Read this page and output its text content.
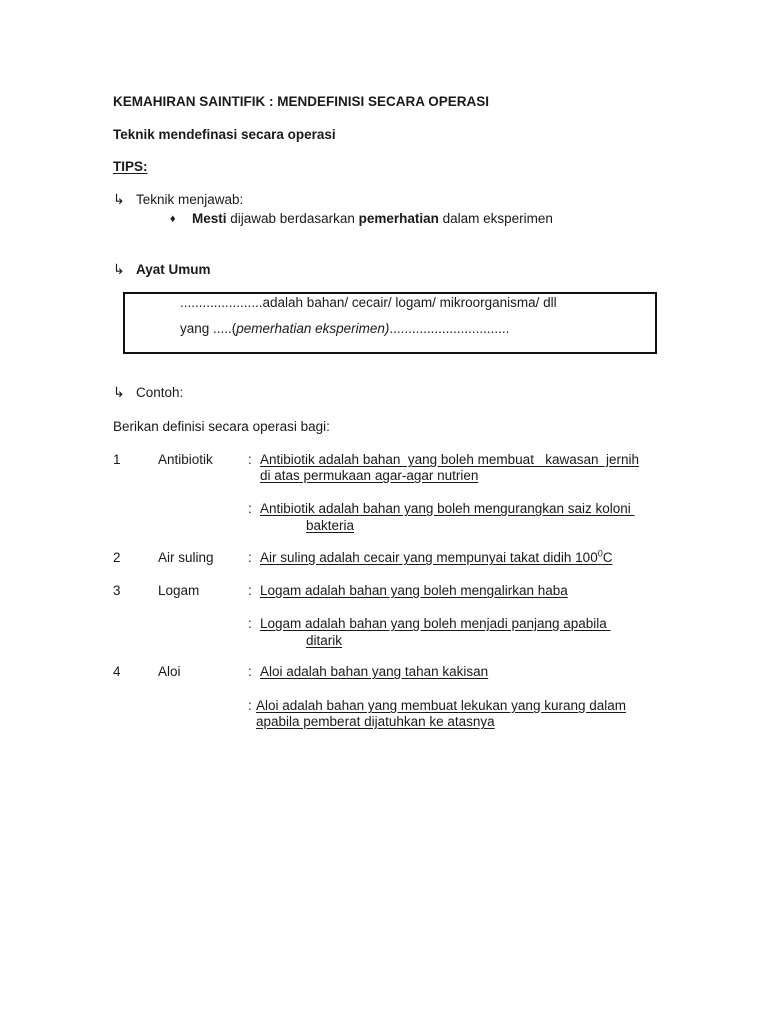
KEMAHIRAN SAINTIFIK : MENDEFINISI SECARA OPERASI
Teknik mendefinasi secara operasi
TIPS:
↳ Teknik menjawab:
♦ Mesti dijawab berdasarkan pemerhatian dalam eksperimen
↳ Ayat Umum
......................adalah bahan/ cecair/ logam/ mikroorganisma/ dll
yang .....(pemerhatian eksperimen)................................
↳ Contoh:
Berikan definisi secara operasi bagi:
1	Antibiotik	: Antibiotik adalah bahan  yang boleh membuat   kawasan  jernih
di atas permukaan agar-agar nutrien
: Antibiotik adalah bahan yang boleh mengurangkan saiz koloni
bakteria
2	Air suling	: Air suling adalah cecair yang mempunyai takat didih $100^0C$
3	Logam	: Logam adalah bahan yang boleh mengalirkan haba
: Logam adalah bahan yang boleh menjadi panjang apabila
ditarik
4	Aloi	: Aloi adalah bahan yang tahan kakisan
: Aloi adalah bahan yang membuat lekukan yang kurang dalam
apabila pemberat dijatuhkan ke atasnya
